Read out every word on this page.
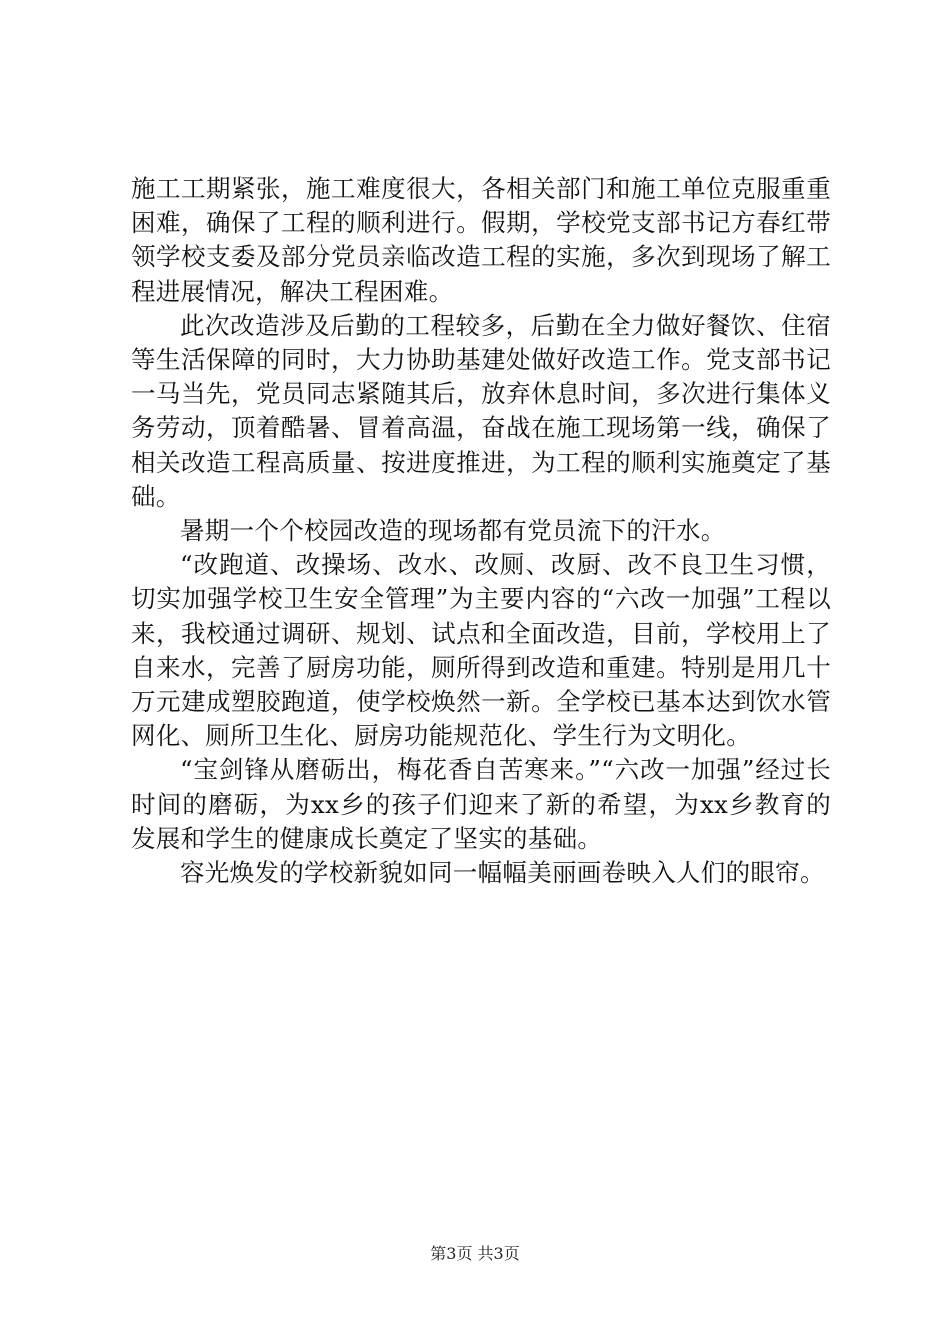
施工工期紧张，施工难度很大，各相关部门和施工单位克服重重困难，确保了工程的顺利进行。假期，学校党支部书记方春红带领学校支委及部分党员亲临改造工程的实施，多次到现场了解工程进展情况，解决工程困难。

此次改造涉及后勤的工程较多，后勤在全力做好餐饮、住宿等生活保障的同时，大力协助基建处做好改造工作。党支部书记一马当先，党员同志紧随其后，放弃休息时间，多次进行集体义务劳动，顶着酷暑、冒着高温，奋战在施工现场第一线，确保了相关改造工程高质量、按进度推进，为工程的顺利实施奠定了基础。

暑期一个个校园改造的现场都有党员流下的汗水。

“改跑道、改操场、改水、改厕、改厨、改不良卫生习惯，切实加强学校卫生安全管理”为主要内容的“六改一加强”工程以来，我校通过调研、规划、试点和全面改造，目前，学校用上了自来水，完善了厨房功能，厕所得到改造和重建。特别是用几十万元建成塑胶跑道，使学校焕然一新。全学校已基本达到饮水管网化、厕所卫生化、厨房功能规范化、学生行为文明化。

“宝剑锋从磨砺出，梅花香自苦寒来。”“六改一加强”经过长时间的磨砺，为xx乡的孩子们迎来了新的希望，为xx乡教育的发展和学生的健康成长奠定了坚实的基础。

容光焕发的学校新貌如同一幅幅美丽画卷映入人们的眼帘。

第3页 共3页
